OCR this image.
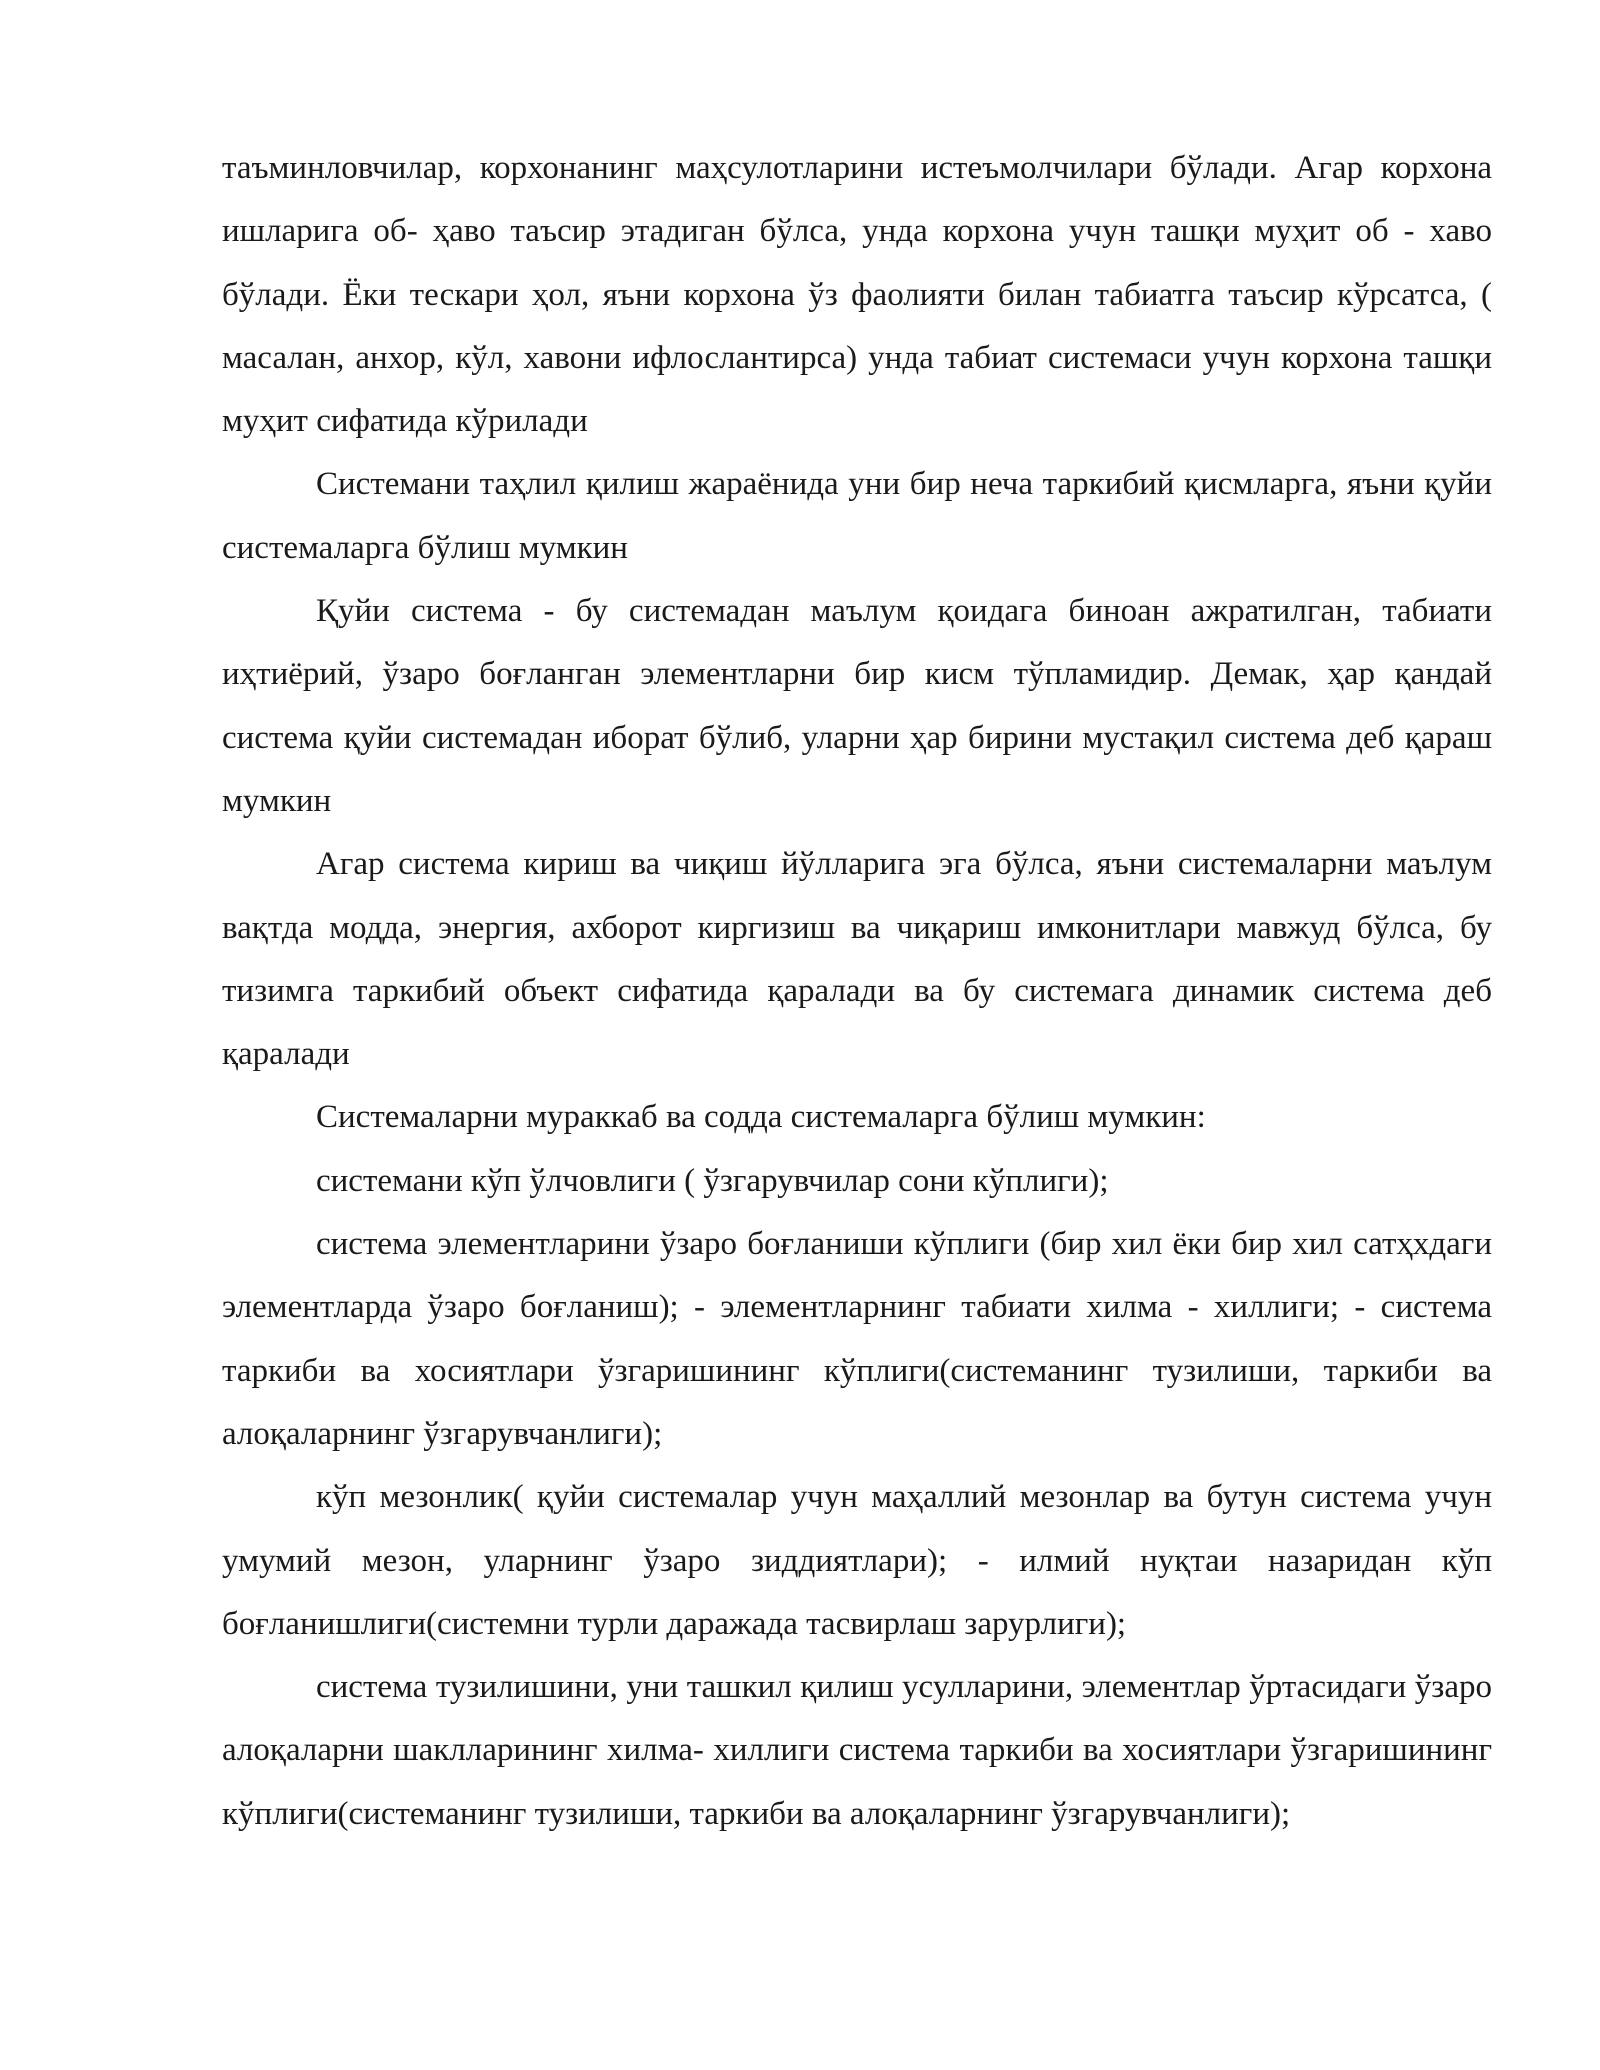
таъминловчилар, корхонанинг маҳсулотларини истеъмолчилари бўлади. Агар корхона ишларига об- ҳаво таъсир этадиган бўлса, унда корхона учун ташқи муҳит об - хаво бўлади. Ёки тескари ҳол, яъни корхона ўз фаолияти билан табиатга таъсир кўрсатса, ( масалан, анхор, кўл, хавони ифлослантирса) унда табиат системаси учун корхона ташқи муҳит сифатида кўрилади

Системани таҳлил қилиш жараёнида уни бир неча таркибий қисмларга, яъни қуйи системаларга бўлиш мумкин

Қуйи система - бу системадан маълум қоидага биноан ажратилган, табиати иҳтиёрий, ўзаро боғланган элементларни бир кисм тўпламидир. Демак, ҳар қандай система қуйи системадан иборат бўлиб, уларни ҳар бирини мустақил система деб қараш мумкин

Агар система кириш ва чиқиш йўлларига эга бўлса, яъни системаларни маълум вақтда модда, энергия, ахборот киргизиш ва чиқариш имконитлари мавжуд бўлса, бу тизимга таркибий объект сифатида қаралади ва бу системага динамик система деб қаралади

Системаларни мураккаб ва содда системаларга бўлиш мумкин:

системани кўп ўлчовлиги ( ўзгарувчилар сони кўплиги);

система элементларини ўзаро боғланиши кўплиги (бир хил ёки бир хил сатҳхдаги элементларда ўзаро боғланиш); - элементларнинг табиати хилма - хиллиги; - система таркиби ва хосиятлари ўзгаришининг кўплиги(системанинг тузилиши, таркиби ва алоқаларнинг ўзгарувчанлиги);

кўп мезонлик( қуйи системалар учун маҳаллий мезонлар ва бутун система учун умумий мезон, уларнинг ўзаро зиддиятлари); - илмий нуқтаи назаридан кўп боғланишлиги(системни турли даражада тасвирлаш зарурлиги);

система тузилишини, уни ташкил қилиш усулларини, элементлар ўртасидаги ўзаро алоқаларни шаклларининг хилма- хиллиги система таркиби ва хосиятлари ўзгаришининг кўплиги(системанинг тузилиши, таркиби ва алоқаларнинг ўзгарувчанлиги);
